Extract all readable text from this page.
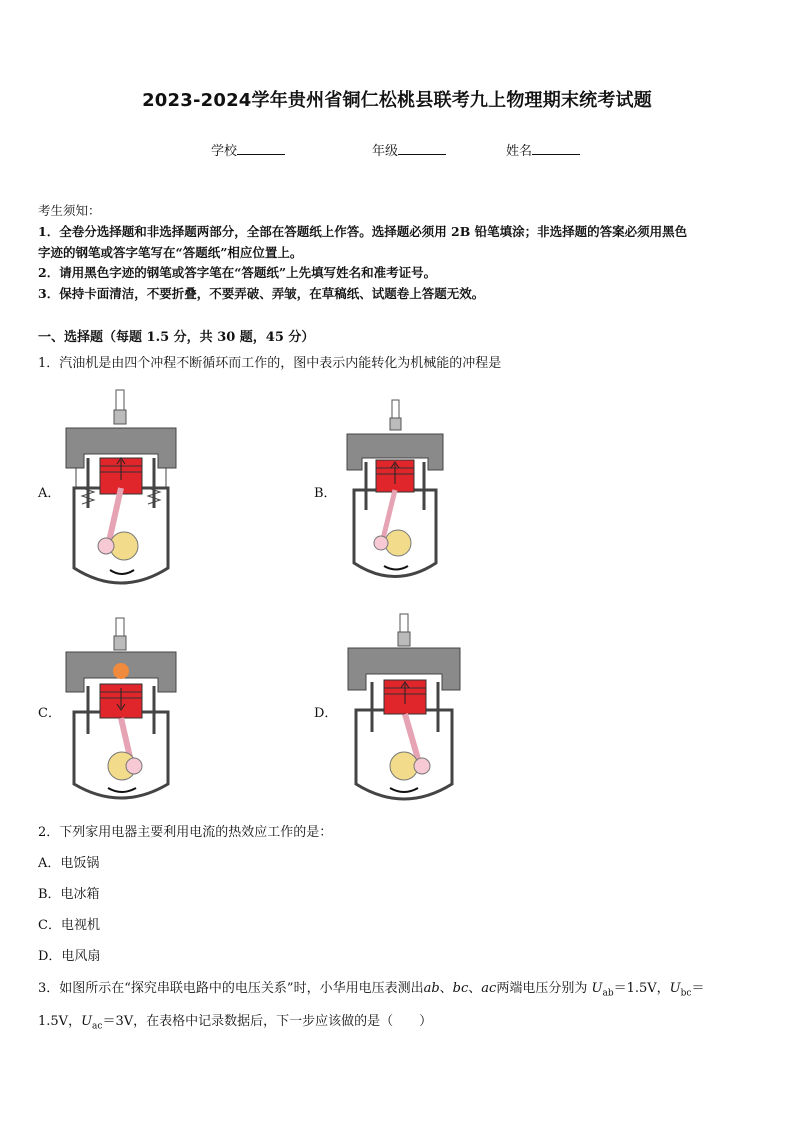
2023-2024学年贵州省铜仁松桃县联考九上物理期末统考试题
学校	年级	姓名
考生须知：
1．全卷分选择题和非选择题两部分，全部在答题纸上作答。选择题必须用 2B 铅笔填涂；非选择题的答案必须用黑色
字迹的钢笔或答字笔写在“答题纸”相应位置上。
2．请用黑色字迹的钢笔或答字笔在“答题纸”上先填写姓名和准考证号。
3．保持卡面清洁，不要折叠，不要弄破、弄皱，在草稿纸、试题卷上答题无效。
一、选择题（每题 1.5 分，共 30 题，45 分）
1．汽油机是由四个冲程不断循环而工作的，图中表示内能转化为机械能的冲程是
A．	B．
C．	D．
2．下列家用电器主要利用电流的热效应工作的是：
A．电饭锅
B．电冰箱
C．电视机
D．电风扇
3．如图所示在“探究串联电路中的电压关系”时，小华用电压表测出ab、bc、ac两端电压分别为 $U_{ab}=1.5V$，$U_{bc}=$
1.5V，$U_{ac}=3V$，在表格中记录数据后，下一步应该做的是（　　）
